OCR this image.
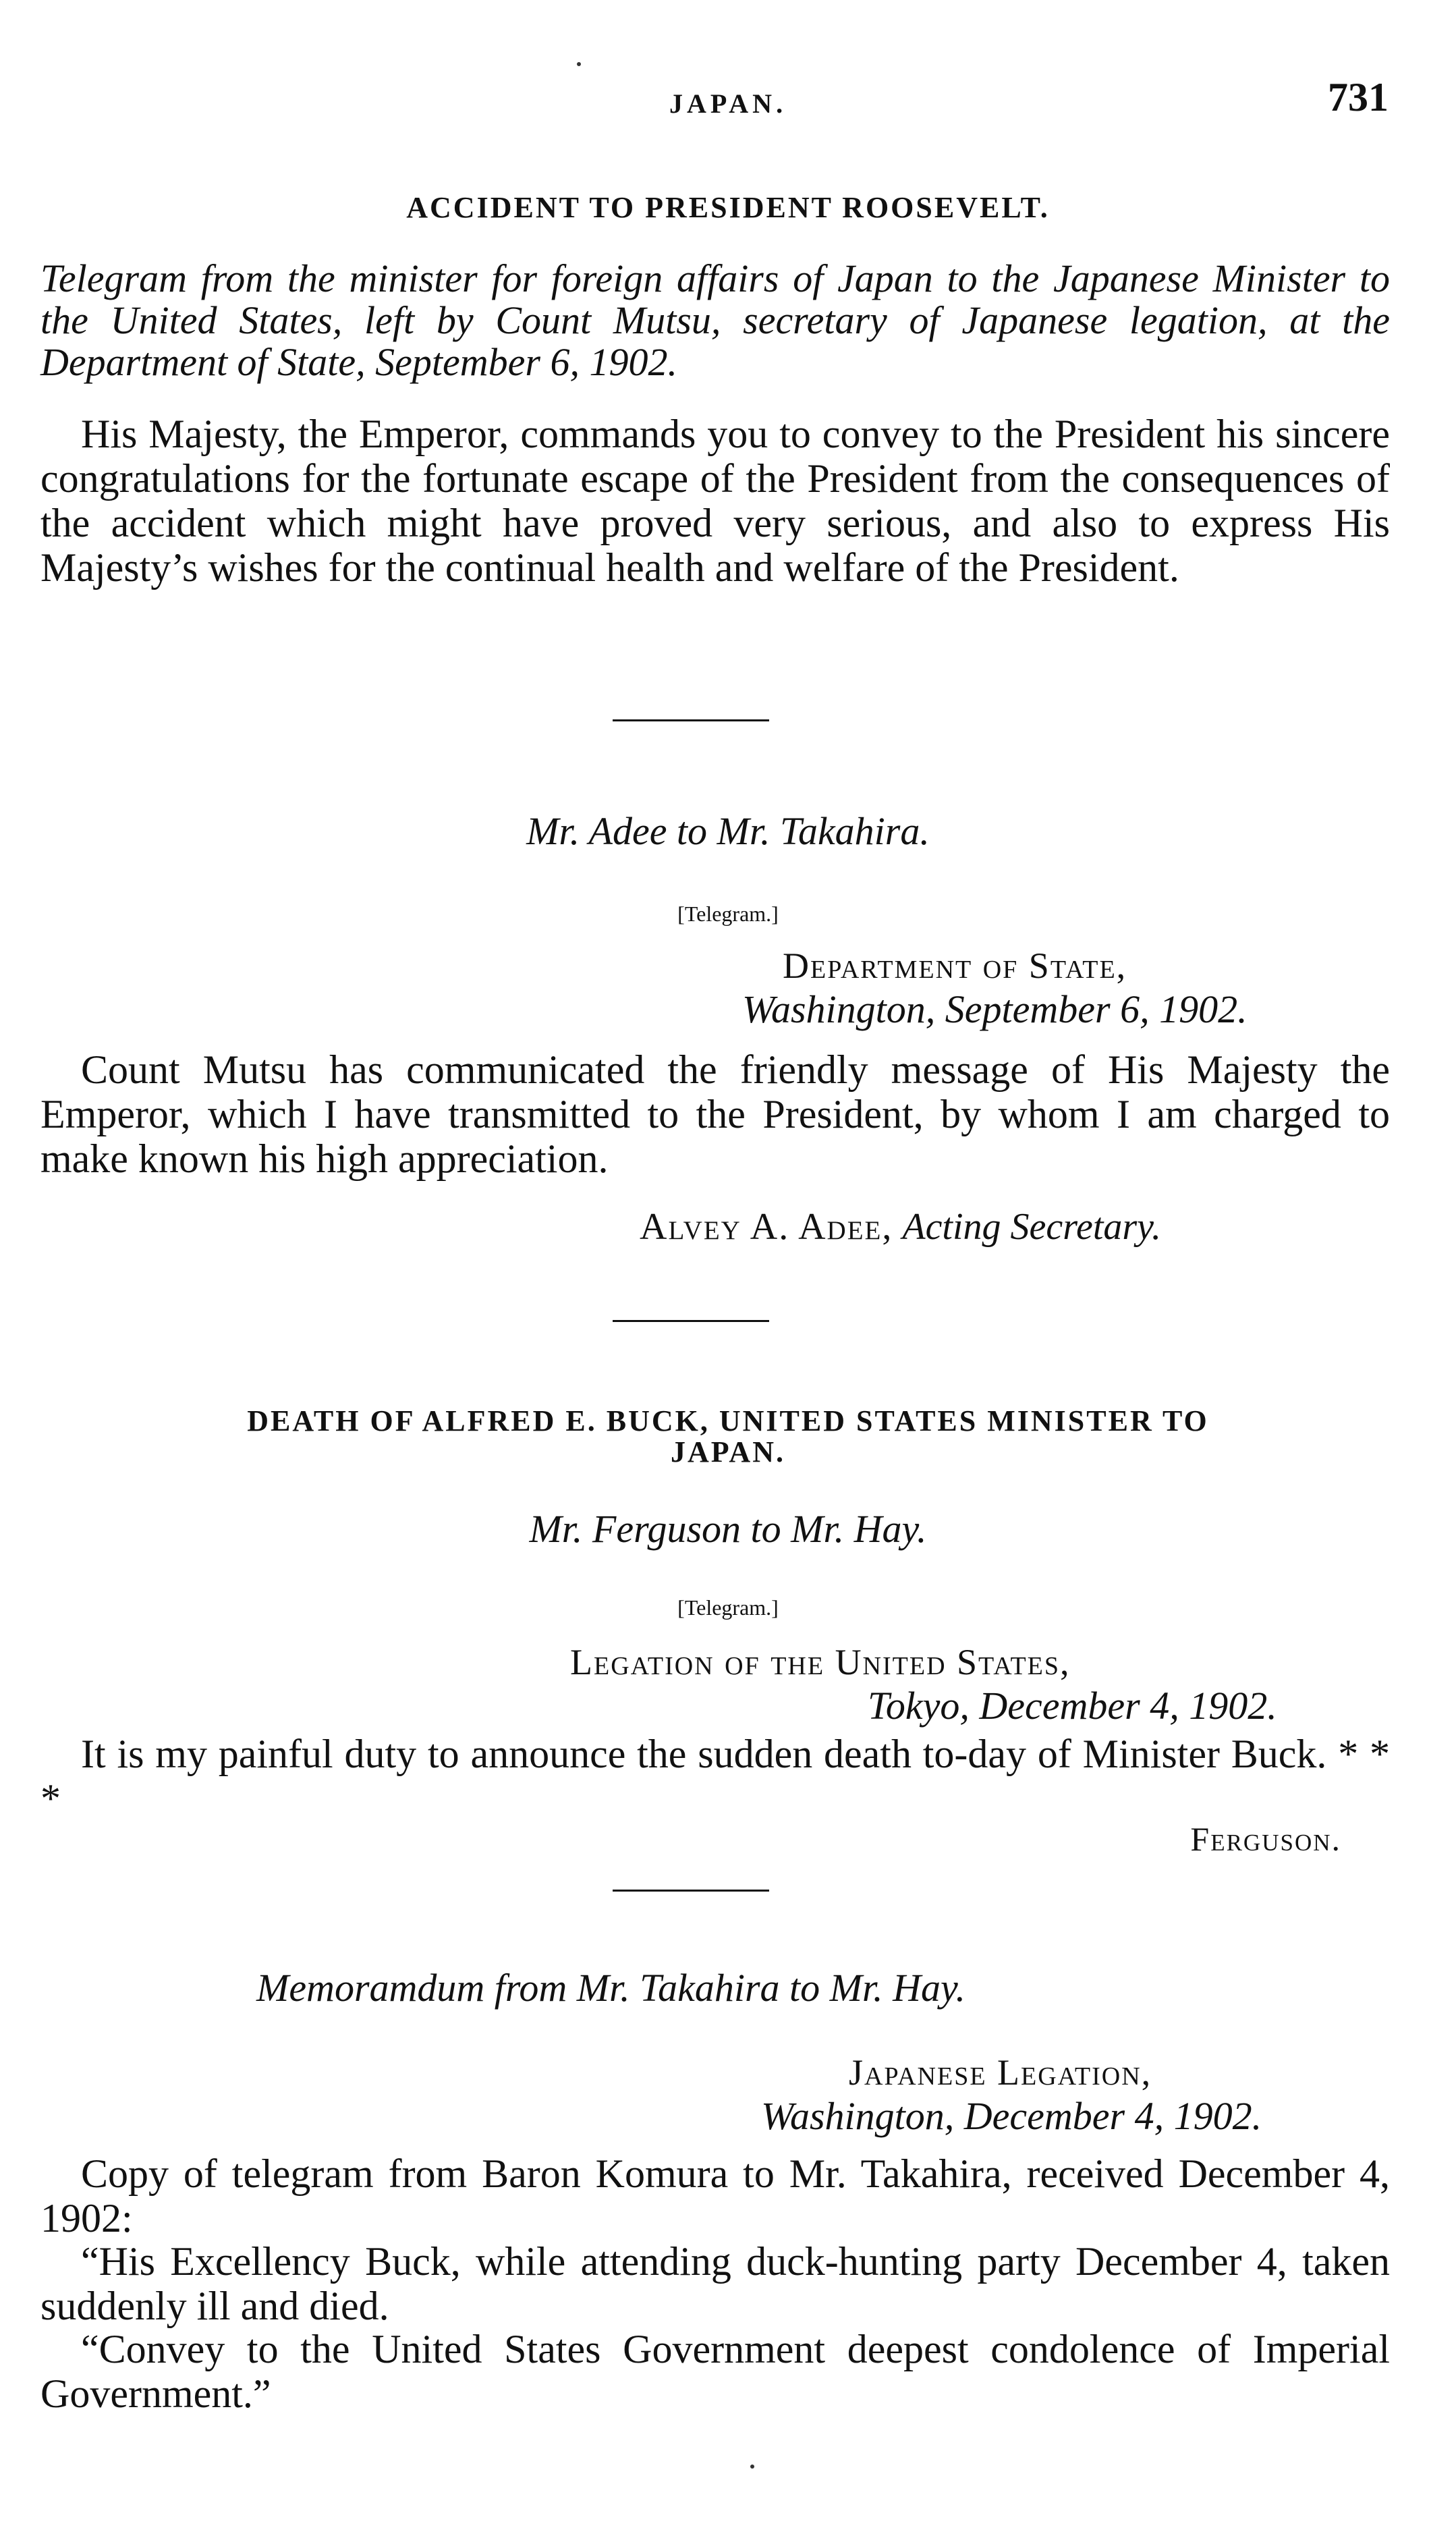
JAPAN.	731
ACCIDENT TO PRESIDENT ROOSEVELT.
Telegram from the minister for foreign affairs of Japan to the Japanese Minister to the United States, left by Count Mutsu, secretary of Japanese legation, at the Department of State, September 6, 1902.
His Majesty, the Emperor, commands you to convey to the President his sincere congratulations for the fortunate escape of the President from the consequences of the accident which might have proved very serious, and also to express His Majesty’s wishes for the continual health and welfare of the President.
Mr. Adee to Mr. Takahira.
[Telegram.]
Department of State,
Washington, September 6, 1902.
Count Mutsu has communicated the friendly message of His Majesty the Emperor, which I have transmitted to the President, by whom I am charged to make known his high appreciation.
Alvey A. Adee, Acting Secretary.
DEATH OF ALFRED E. BUCK, UNITED STATES MINISTER TO
JAPAN.
Mr. Ferguson to Mr. Hay.
[Telegram.]
Legation of the United States,
Tokyo, December 4, 1902.
It is my painful duty to announce the sudden death to-day of Minister Buck. * * *
Ferguson.
Memoramdum from Mr. Takahira to Mr. Hay.
Japanese Legation,
Washington, December 4, 1902.
Copy of telegram from Baron Komura to Mr. Takahira, received December 4, 1902:
“His Excellency Buck, while attending duck-hunting party December 4, taken suddenly ill and died.
“Convey to the United States Government deepest condolence of Imperial Government.”
